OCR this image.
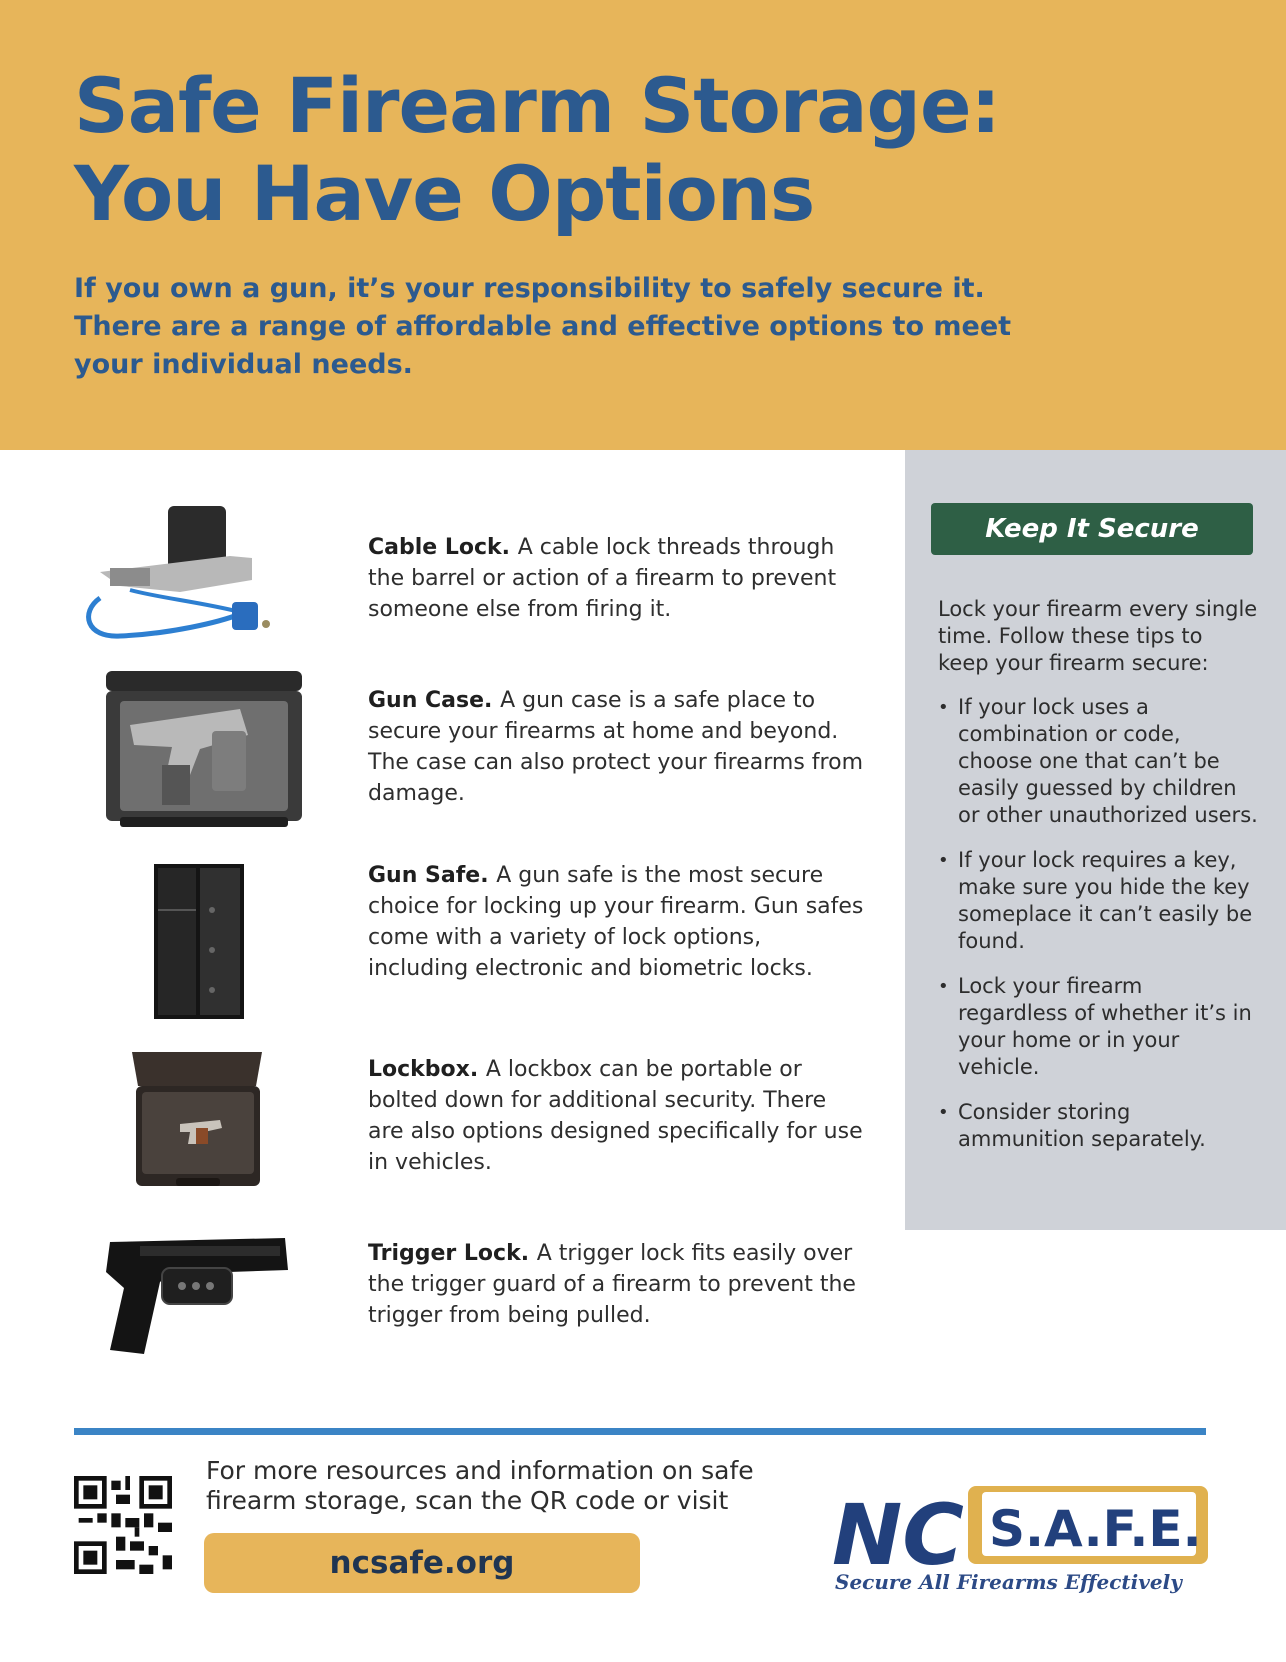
Safe Firearm Storage:
You Have Options

If you own a gun, it’s your responsibility to safely secure it. There are a range of affordable and effective options to meet your individual needs.

Cable Lock. A cable lock threads through the barrel or action of a firearm to prevent someone else from firing it.

Gun Case. A gun case is a safe place to secure your firearms at home and beyond. The case can also protect your firearms from damage.

Gun Safe. A gun safe is the most secure choice for locking up your firearm. Gun safes come with a variety of lock options, including electronic and biometric locks.

Lockbox. A lockbox can be portable or bolted down for additional security. There are also options designed specifically for use in vehicles.

Trigger Lock. A trigger lock fits easily over the trigger guard of a firearm to prevent the trigger from being pulled.

Keep It Secure

Lock your firearm every single time. Follow these tips to keep your firearm secure:

• If your lock uses a combination or code, choose one that can’t be easily guessed by children or other unauthorized users.
• If your lock requires a key, make sure you hide the key someplace it can’t easily be found.
• Lock your firearm regardless of whether it’s in your home or in your vehicle.
• Consider storing ammunition separately.

For more resources and information on safe firearm storage, scan the QR code or visit

ncsafe.org	NC S.A.F.E.
Secure All Firearms Effectively
